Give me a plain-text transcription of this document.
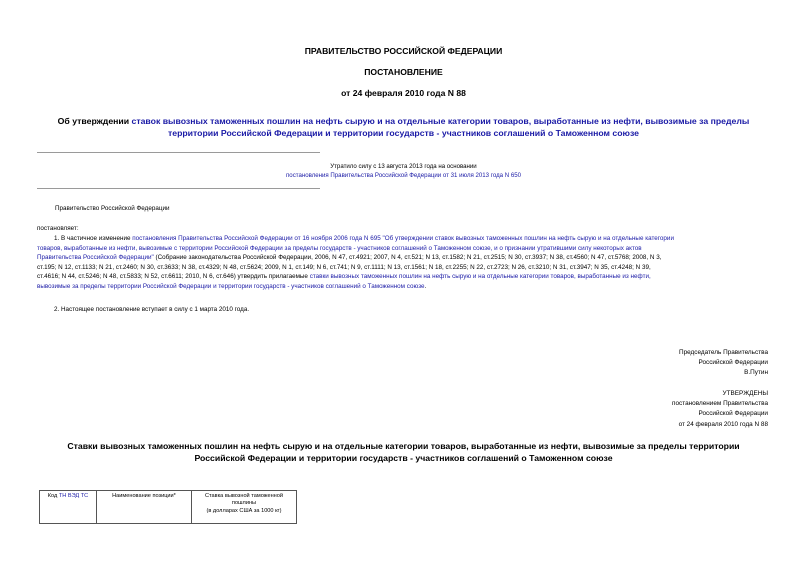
ПРАВИТЕЛЬСТВО РОССИЙСКОЙ ФЕДЕРАЦИИ
ПОСТАНОВЛЕНИЕ
от 24 февраля 2010 года N 88
Об утверждении ставок вывозных таможенных пошлин на нефть сырую и на отдельные категории товаров, выработанные из нефти, вывозимые за пределы
территории Российской Федерации и территории государств - участников соглашений о Таможенном союзе
Утратило силу с 13 августа 2013 года на основании
постановления Правительства Российской Федерации от 31 июля 2013 года N 650
Правительство Российской Федерации
постановляет:
1. В частичное изменение постановления Правительства Российской Федерации от 16 ноября 2006 года N 695 "Об утверждении ставок вывозных таможенных пошлин на нефть сырую и на отдельные категории
товаров, выработанные из нефти, вывозимые с территории Российской Федерации за пределы государств - участников соглашений о Таможенном союзе, и о признании утратившими силу некоторых актов
Правительства Российской Федерации" (Собрание законодательства Российской Федерации, 2006, N 47, ст.4921; 2007, N 4, ст.521; N 13, ст.1582; N 21, ст.2515; N 30, ст.3937; N 38, ст.4560; N 47, ст.5768; 2008, N 3,
ст.195; N 12, ст.1133; N 21, ст.2460; N 30, ст.3633; N 38, ст.4329; N 48, ст.5624; 2009, N 1, ст.149; N 6, ст.741; N 9, ст.1111; N 13, ст.1561; N 18, ст.2255; N 22, ст.2723; N 26, ст.3210; N 31, ст.3947; N 35, ст.4248; N 39,
ст.4616; N 44, ст.5246; N 48, ст.5833; N 52, ст.6611; 2010, N 6, ст.646) утвердить прилагаемые ставки вывозных таможенных пошлин на нефть сырую и на отдельные категории товаров, выработанные из нефти,
вывозимые за пределы территории Российской Федерации и территории государств - участников соглашений о Таможенном союзе.
2. Настоящее постановление вступает в силу с 1 марта 2010 года.
Председатель Правительства
Российской Федерации
В.Путин
УТВЕРЖДЕНЫ
постановлением Правительства
Российской Федерации
от 24 февраля 2010 года N 88
Ставки вывозных таможенных пошлин на нефть сырую и на отдельные категории товаров, выработанные из нефти, вывозимые за пределы территории
Российской Федерации и территории государств - участников соглашений о Таможенном союзе
Код ТН ВЭД ТС	Наименование позиции*	Ставка вывозной таможенной
пошлины
(в долларах США за 1000 кг)
